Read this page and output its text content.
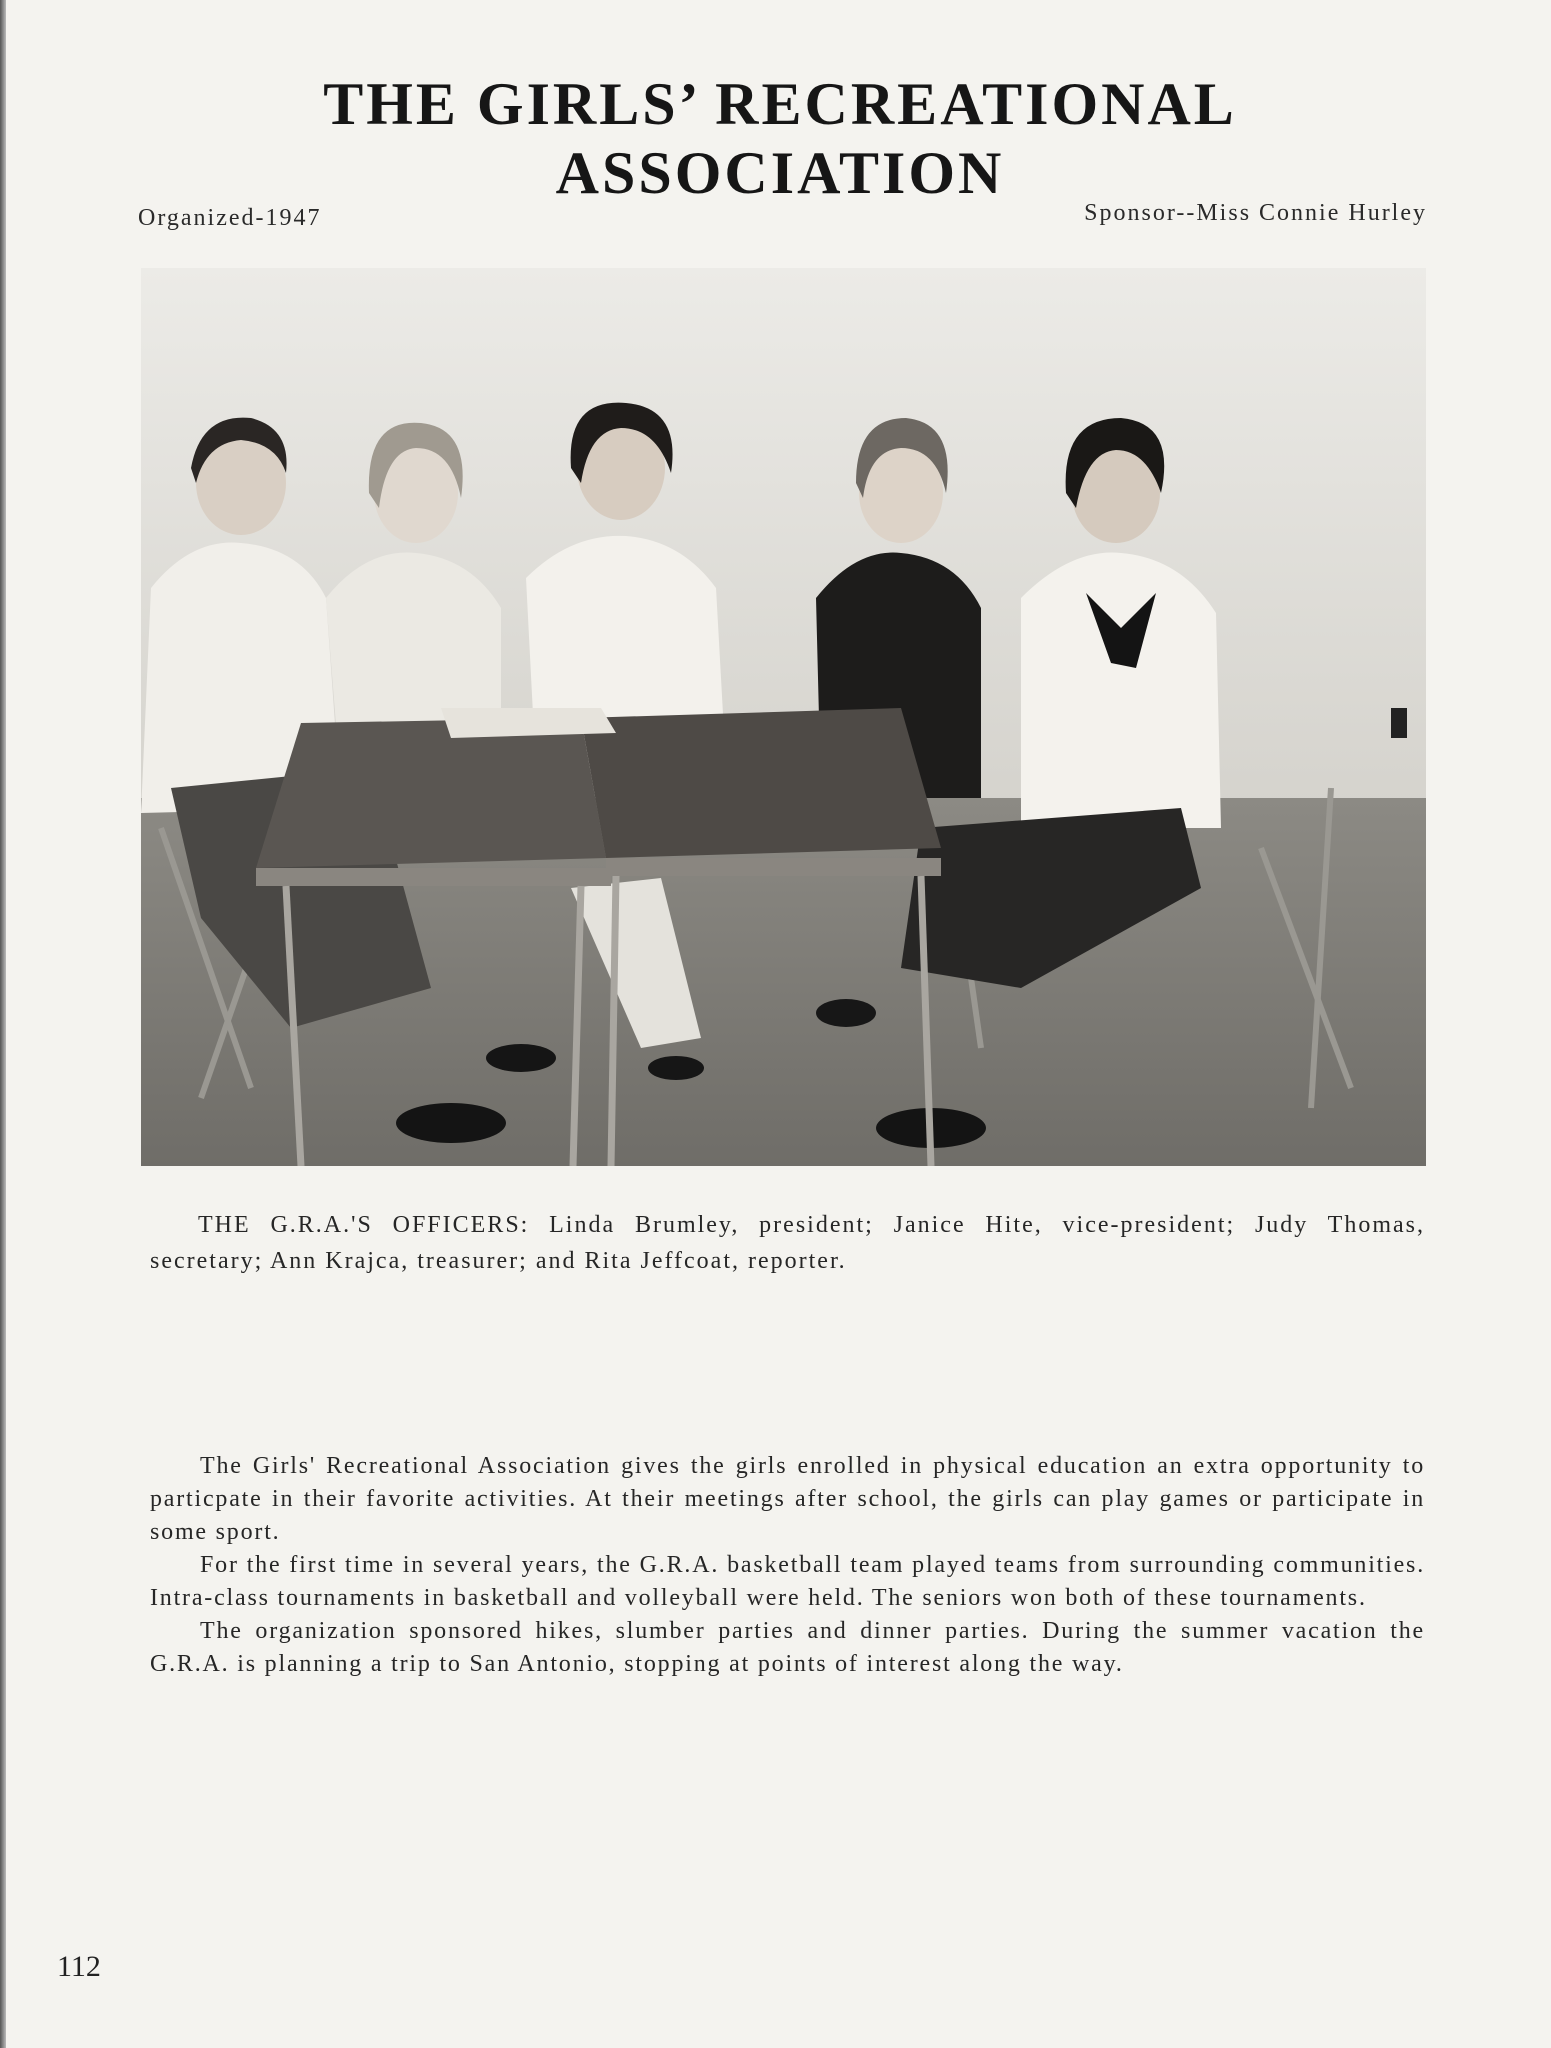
THE GIRLS’ RECREATIONAL ASSOCIATION
Organized-1947	Sponsor--Miss Connie Hurley

THE G.R.A.'S OFFICERS: Linda Brumley, president; Janice Hite, vice-president; Judy Thomas, secretary; Ann Krajca, treasurer; and Rita Jeffcoat, reporter.

The Girls' Recreational Association gives the girls enrolled in physical education an extra opportunity to particpate in their favorite activities. At their meetings after school, the girls can play games or participate in some sport.

For the first time in several years, the G.R.A. basketball team played teams from surrounding communities. Intra-class tournaments in basketball and volleyball were held. The seniors won both of these tournaments.

The organization sponsored hikes, slumber parties and dinner parties. During the summer vacation the G.R.A. is planning a trip to San Antonio, stopping at points of interest along the way.

112
